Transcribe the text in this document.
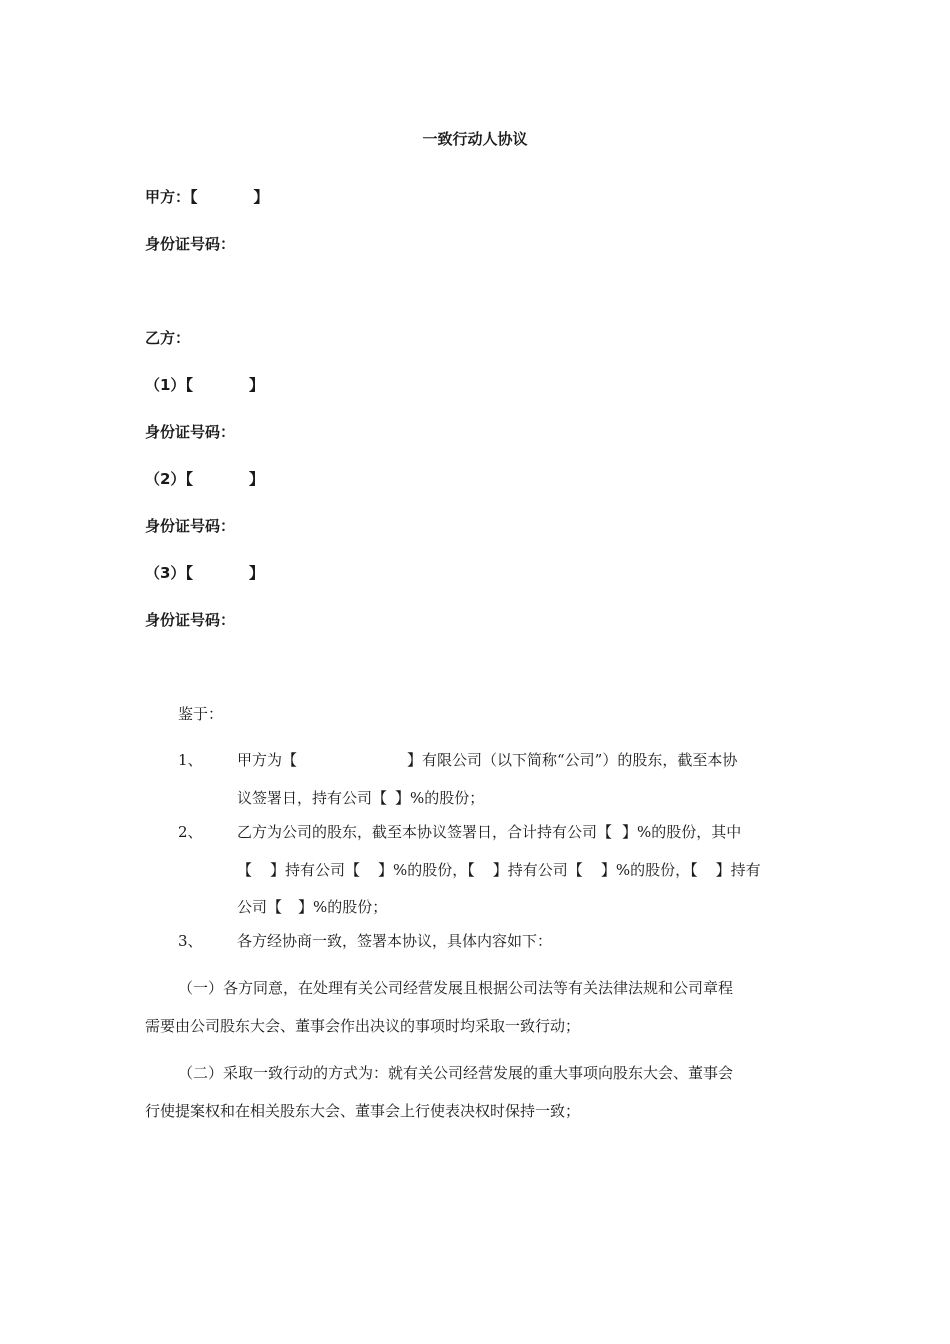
一致行动人协议
甲方：【	】
身份证号码：
乙方：
（1）【	】
身份证号码：
（2）【	】
身份证号码：
（3）【	】
身份证号码：
鉴于：
1、 甲方为【	】有限公司（以下简称“公司”）的股东，截至本协
议签署日，持有公司【 】%的股份；
2、 乙方为公司的股东，截至本协议签署日，合计持有公司【 】%的股份，其中
【 】持有公司【 】%的股份，【 】持有公司【 】%的股份，【 】持有
公司【 】%的股份；
3、 各方经协商一致，签署本协议，具体内容如下：
（一）各方同意，在处理有关公司经营发展且根据公司法等有关法律法规和公司章程
需要由公司股东大会、董事会作出决议的事项时均采取一致行动；
（二）采取一致行动的方式为：就有关公司经营发展的重大事项向股东大会、董事会
行使提案权和在相关股东大会、董事会上行使表决权时保持一致；
